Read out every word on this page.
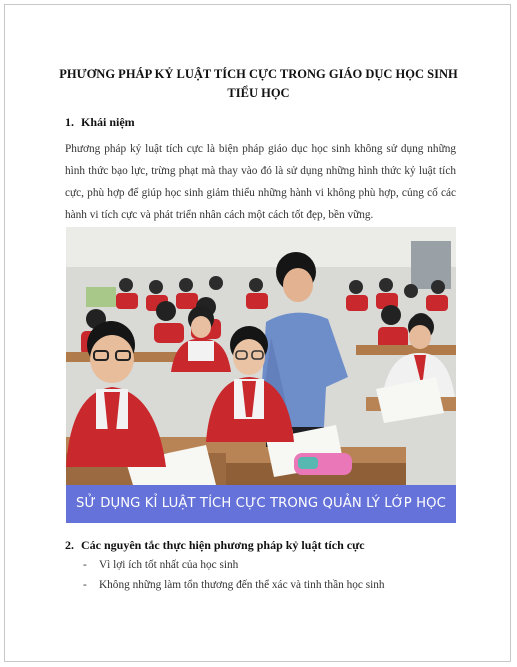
PHƯƠNG PHÁP KỶ LUẬT TÍCH CỰC TRONG GIÁO DỤC HỌC SINH TIỂU HỌC
1. Khái niệm
Phương pháp kỷ luật tích cực là biện pháp giáo dục học sinh không sử dụng những hình thức bạo lực, trừng phạt mà thay vào đó là sử dụng những hình thức kỷ luật tích cực, phù hợp để giúp học sinh giảm thiểu những hành vi không phù hợp, củng cố các hành vi tích cực và phát triển nhân cách một cách tốt đẹp, bền vững.
SỬ DỤNG KỈ LUẬT TÍCH CỰC TRONG QUẢN LÝ LỚP HỌC
2. Các nguyên tắc thực hiện phương pháp kỷ luật tích cực
- Vì lợi ích tốt nhất của học sinh
- Không những làm tổn thương đến thể xác và tinh thần học sinh
